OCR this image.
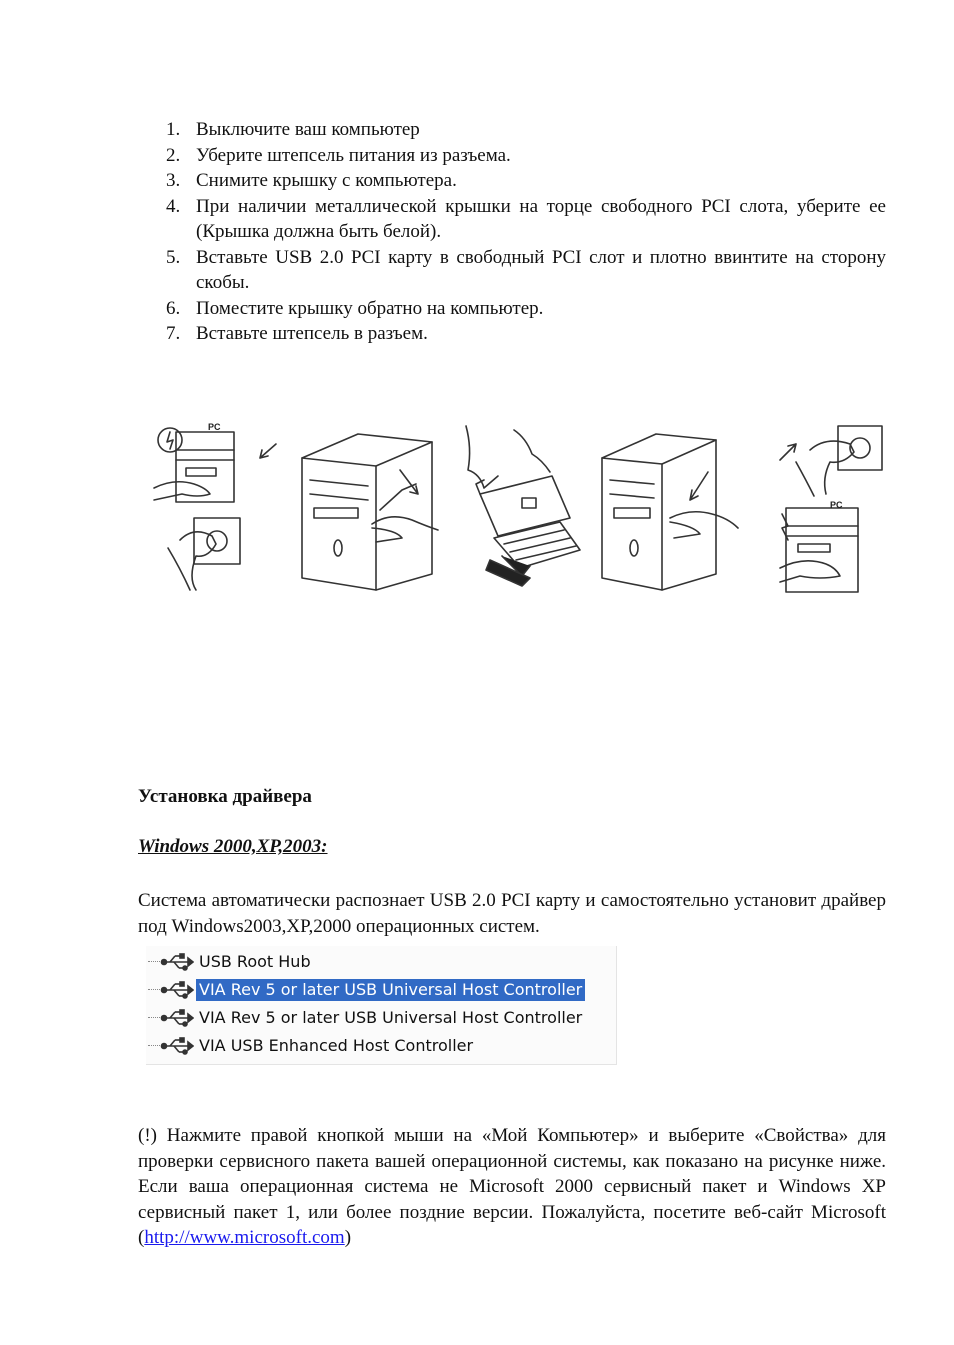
1. Выключите ваш компьютер
2. Уберите штепсель питания из разъема.
3. Снимите крышку с компьютера.
4. При наличии металлической крышки на торце свободного PCI слота, уберите ее (Крышка должна быть белой).
5. Вставьте USB 2.0 PCI карту в свободный PCI слот и плотно ввинтите на сторону скобы.
6. Поместите крышку обратно на компьютер.
7. Вставьте штепсель в разъем.
PC
PC
Установка драйвера
Windows 2000,XP,2003:

Система автоматически распознает USB 2.0 PCI карту и самостоятельно установит драйвер под Windows2003,XP,2000 операционных систем.

USB Root Hub
VIA Rev 5 or later USB Universal Host Controller
VIA Rev 5 or later USB Universal Host Controller
VIA USB Enhanced Host Controller

(!) Нажмите правой кнопкой мыши на «Мой Компьютер» и выберите «Свойства» для проверки сервисного пакета вашей операционной системы, как показано на рисунке ниже. Если ваша операционная система не Microsoft 2000 сервисный пакет и Windows XP сервисный пакет 1, или более поздние версии. Пожалуйста, посетите веб-сайт Microsoft (http://www.microsoft.com)
